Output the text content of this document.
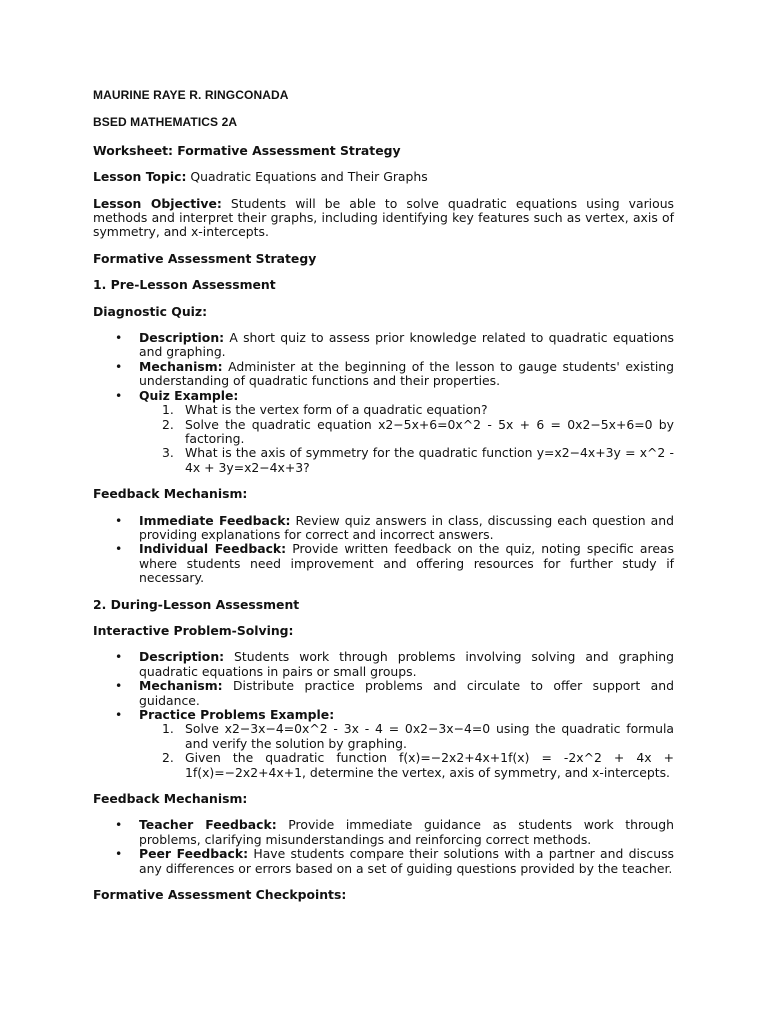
MAURINE RAYE R. RINGCONADA

BSED MATHEMATICS 2A

Worksheet: Formative Assessment Strategy

Lesson Topic: Quadratic Equations and Their Graphs

Lesson Objective: Students will be able to solve quadratic equations using various methods and interpret their graphs, including identifying key features such as vertex, axis of symmetry, and x-intercepts.

Formative Assessment Strategy

1. Pre-Lesson Assessment

Diagnostic Quiz:

• Description: A short quiz to assess prior knowledge related to quadratic equations and graphing.
• Mechanism: Administer at the beginning of the lesson to gauge students' existing understanding of quadratic functions and their properties.
• Quiz Example:
1. What is the vertex form of a quadratic equation?
2. Solve the quadratic equation x2−5x+6=0x^2 - 5x + 6 = 0x2−5x+6=0 by factoring.
3. What is the axis of symmetry for the quadratic function y=x2−4x+3y = x^2 - 4x + 3y=x2−4x+3?

Feedback Mechanism:

• Immediate Feedback: Review quiz answers in class, discussing each question and providing explanations for correct and incorrect answers.
• Individual Feedback: Provide written feedback on the quiz, noting specific areas where students need improvement and offering resources for further study if necessary.

2. During-Lesson Assessment

Interactive Problem-Solving:

• Description: Students work through problems involving solving and graphing quadratic equations in pairs or small groups.
• Mechanism: Distribute practice problems and circulate to offer support and guidance.
• Practice Problems Example:
1. Solve x2−3x−4=0x^2 - 3x - 4 = 0x2−3x−4=0 using the quadratic formula and verify the solution by graphing.
2. Given the quadratic function f(x)=−2x2+4x+1f(x) = -2x^2 + 4x + 1f(x)=−2x2+4x+1, determine the vertex, axis of symmetry, and x-intercepts.

Feedback Mechanism:

• Teacher Feedback: Provide immediate guidance as students work through problems, clarifying misunderstandings and reinforcing correct methods.
• Peer Feedback: Have students compare their solutions with a partner and discuss any differences or errors based on a set of guiding questions provided by the teacher.

Formative Assessment Checkpoints:
